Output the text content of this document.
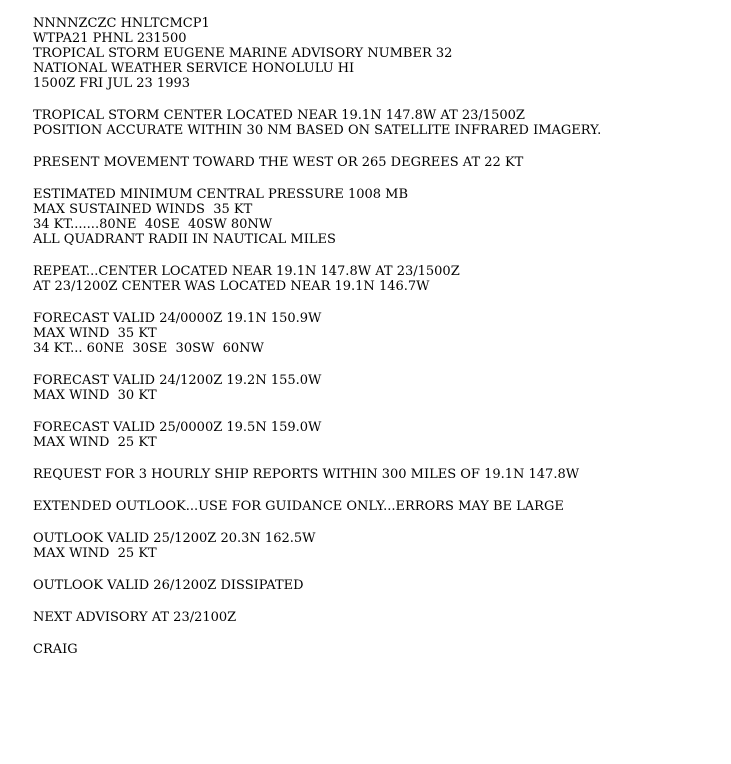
NNNNZCZC HNLTCMCP1
WTPA21 PHNL 231500
TROPICAL STORM EUGENE MARINE ADVISORY NUMBER 32
NATIONAL WEATHER SERVICE HONOLULU HI
1500Z FRI JUL 23 1993
TROPICAL STORM CENTER LOCATED NEAR 19.1N 147.8W AT 23/1500Z
POSITION ACCURATE WITHIN 30 NM BASED ON SATELLITE INFRARED IMAGERY.
PRESENT MOVEMENT TOWARD THE WEST OR 265 DEGREES AT 22 KT
ESTIMATED MINIMUM CENTRAL PRESSURE 1008 MB
MAX SUSTAINED WINDS  35 KT
34 KT.......80NE  40SE  40SW 80NW
ALL QUADRANT RADII IN NAUTICAL MILES
REPEAT...CENTER LOCATED NEAR 19.1N 147.8W AT 23/1500Z
AT 23/1200Z CENTER WAS LOCATED NEAR 19.1N 146.7W
FORECAST VALID 24/0000Z 19.1N 150.9W
MAX WIND  35 KT
34 KT... 60NE  30SE  30SW  60NW
FORECAST VALID 24/1200Z 19.2N 155.0W
MAX WIND  30 KT
FORECAST VALID 25/0000Z 19.5N 159.0W
MAX WIND  25 KT
REQUEST FOR 3 HOURLY SHIP REPORTS WITHIN 300 MILES OF 19.1N 147.8W
EXTENDED OUTLOOK...USE FOR GUIDANCE ONLY...ERRORS MAY BE LARGE
OUTLOOK VALID 25/1200Z 20.3N 162.5W
MAX WIND  25 KT
OUTLOOK VALID 26/1200Z DISSIPATED
NEXT ADVISORY AT 23/2100Z
CRAIG
